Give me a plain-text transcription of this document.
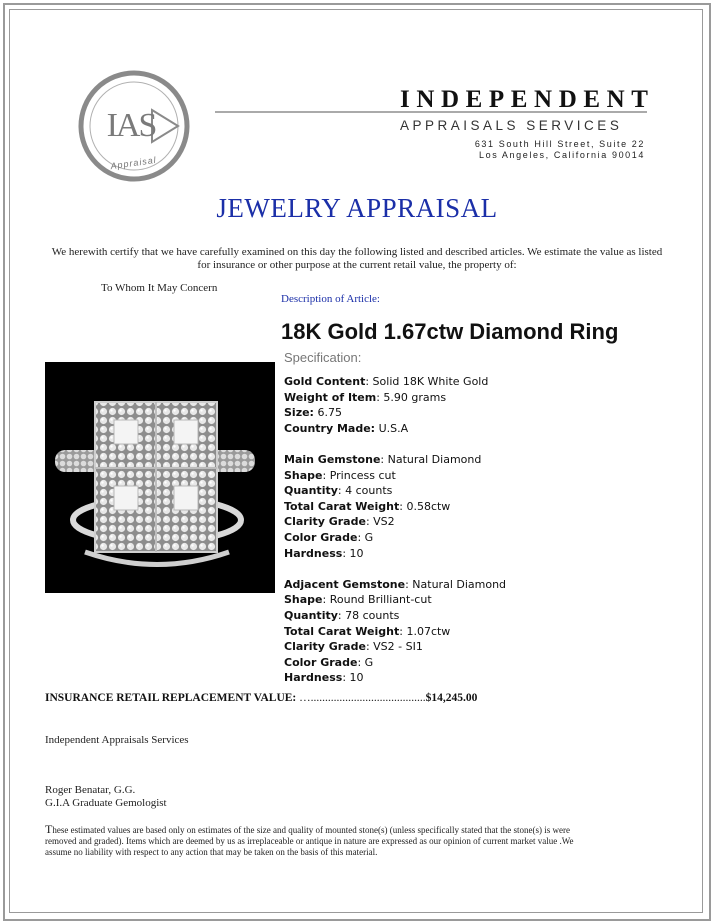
IAS
Appraisal
INDEPENDENT
APPRAISALS SERVICES
631 South Hill Street, Suite 22
Los Angeles, California 90014
JEWELRY APPRAISAL
We herewith certify that we have carefully examined on this day the following listed and described articles. We estimate the value as listed for insurance or other purpose at the current retail value, the property of:
To Whom It May Concern
Description of Article:
18K Gold 1.67ctw Diamond Ring
Specification:
Gold Content: Solid 18K White Gold
Weight of Item: 5.90 grams
Size: 6.75
Country Made: U.S.A
Main Gemstone: Natural Diamond
Shape: Princess cut
Quantity: 4 counts
Total Carat Weight: 0.58ctw
Clarity Grade: VS2
Color Grade: G
Hardness: 10
Adjacent Gemstone: Natural Diamond
Shape: Round Brilliant-cut
Quantity: 78 counts
Total Carat Weight: 1.07ctw
Clarity Grade: VS2 - SI1
Color Grade: G
Hardness: 10
INSURANCE RETAIL REPLACEMENT VALUE: …........................................$14,245.00
Independent Appraisals Services
Roger Benatar, G.G.
G.I.A Graduate Gemologist
These estimated values are based only on estimates of the size and quality of mounted stone(s) (unless specifically stated that the stone(s) is were removed and graded). Items which are deemed by us as irreplaceable or antique in nature are expressed as our opinion of current market value .We assume no liability with respect to any action that may be taken on the basis of this material.
